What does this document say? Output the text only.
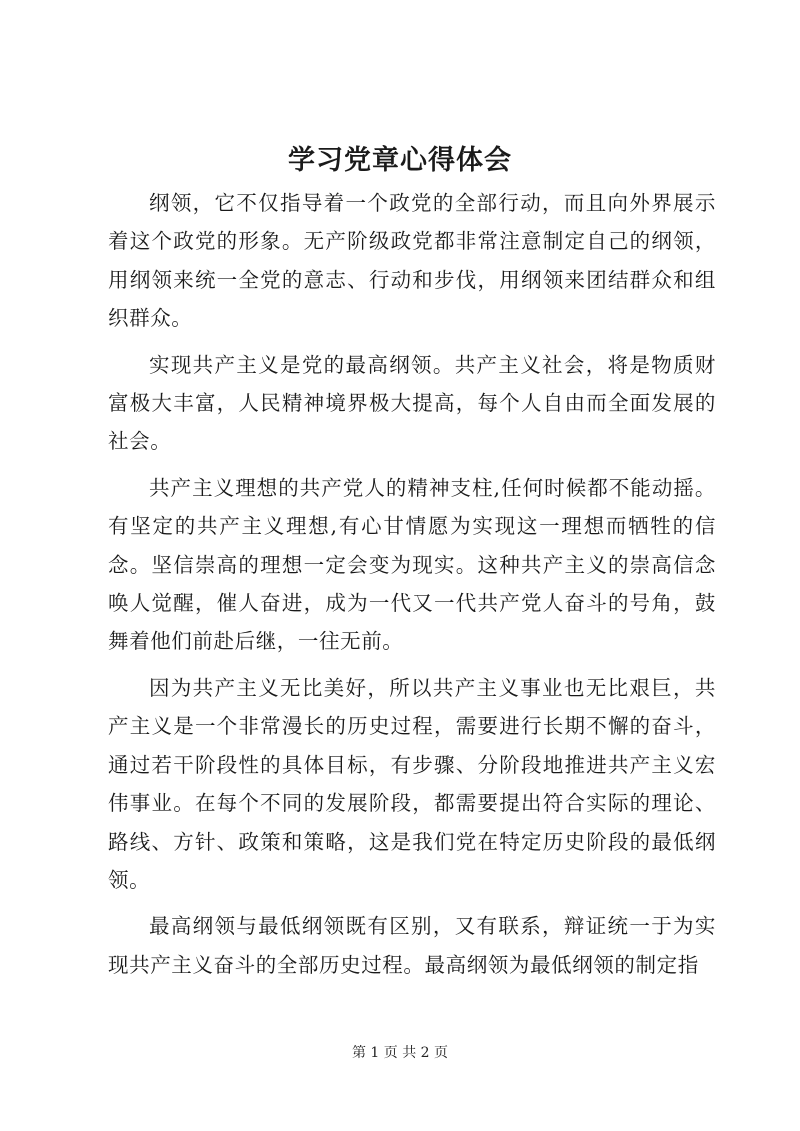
学习党章心得体会

纲领，它不仅指导着一个政党的全部行动，而且向外界展示着这个政党的形象。无产阶级政党都非常注意制定自己的纲领，用纲领来统一全党的意志、行动和步伐，用纲领来团结群众和组织群众。

实现共产主义是党的最高纲领。共产主义社会，将是物质财富极大丰富，人民精神境界极大提高，每个人自由而全面发展的社会。

共产主义理想的共产党人的精神支柱,任何时候都不能动摇。有坚定的共产主义理想,有心甘情愿为实现这一理想而牺牲的信念。坚信崇高的理想一定会变为现实。这种共产主义的崇高信念唤人觉醒，催人奋进，成为一代又一代共产党人奋斗的号角，鼓舞着他们前赴后继，一往无前。

因为共产主义无比美好，所以共产主义事业也无比艰巨，共产主义是一个非常漫长的历史过程，需要进行长期不懈的奋斗，通过若干阶段性的具体目标，有步骤、分阶段地推进共产主义宏伟事业。在每个不同的发展阶段，都需要提出符合实际的理论、路线、方针、政策和策略，这是我们党在特定历史阶段的最低纲领。

最高纲领与最低纲领既有区别，又有联系，辩证统一于为实现共产主义奋斗的全部历史过程。最高纲领为最低纲领的制定指

第 1 页 共 2 页
